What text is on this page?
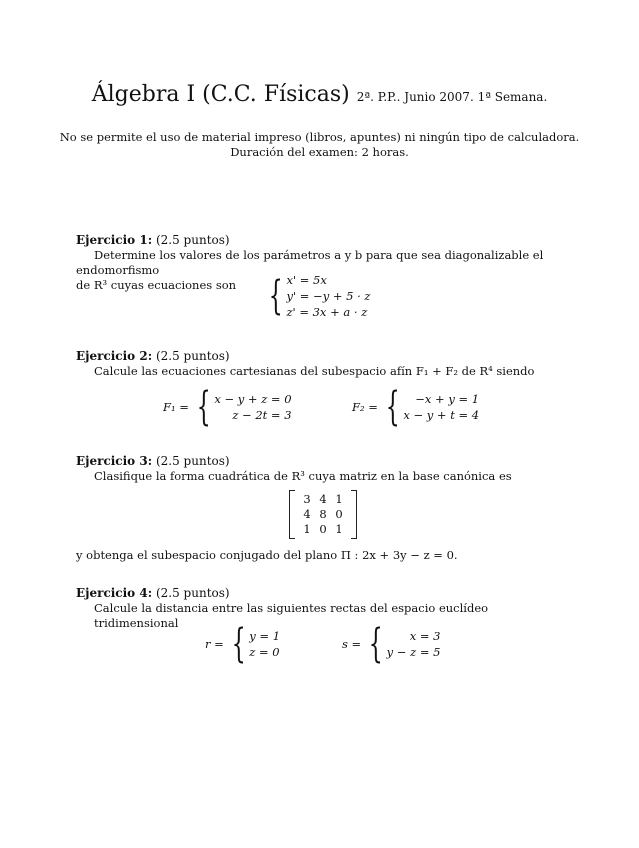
Álgebra I (C.C. Físicas) 2ª. P.P.. Junio 2007. 1ª Semana.
No se permite el uso de material impreso (libros, apuntes) ni ningún tipo de calculadora.
Duración del examen: 2 horas.
Ejercicio 1: (2.5 puntos)
Determine los valores de los parámetros a y b para que sea diagonalizable el endomorfismo
de R³ cuyas ecuaciones son { x' = 5x
y' = −y + 5 · z
z' = 3x + a · z
Ejercicio 2: (2.5 puntos)
Calcule las ecuaciones cartesianas del subespacio afín F₁ + F₂ de R⁴ siendo
F₁ = { x − y + z = 0
z − 2t = 3
F₂ = { −x + y = 1
x − y + t = 4
Ejercicio 3: (2.5 puntos)
Clasifique la forma cuadrática de R³ cuya matriz en la base canónica es
3 4 1
4 8 0
1 0 1
y obtenga el subespacio conjugado del plano Π : 2x + 3y − z = 0.
Ejercicio 4: (2.5 puntos)
Calcule la distancia entre las siguientes rectas del espacio euclídeo tridimensional
r = { y = 1
z = 0
s = { x = 3
y − z = 5
